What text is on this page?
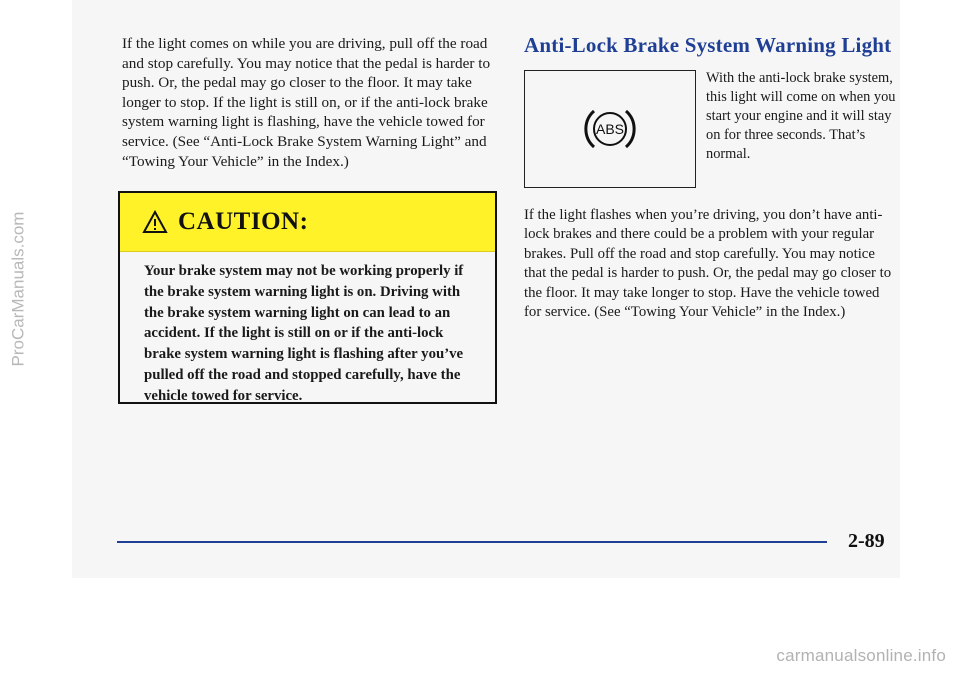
ProCarManuals.com

If the light comes on while you are driving, pull off the road and stop carefully. You may notice that the pedal is harder to push. Or, the pedal may go closer to the floor. It may take longer to stop. If the light is still on, or if the anti-lock brake system warning light is flashing, have the vehicle towed for service. (See “Anti-Lock Brake System Warning Light” and “Towing Your Vehicle” in the Index.)

CAUTION:

Your brake system may not be working properly if the brake system warning light is on. Driving with the brake system warning light on can lead to an accident. If the light is still on or if the anti-lock brake system warning light is flashing after you’ve pulled off the road and stopped carefully, have the vehicle towed for service.

Anti-Lock Brake System Warning Light
ABS

With the anti-lock brake system, this light will come on when you start your engine and it will stay on for three seconds. That’s normal.

If the light flashes when you’re driving, you don’t have anti-lock brakes and there could be a problem with your regular brakes. Pull off the road and stop carefully. You may notice that the pedal is harder to push. Or, the pedal may go closer to the floor. It may take longer to stop. Have the vehicle towed for service. (See “Towing Your Vehicle” in the Index.)

2-89
carmanualsonline.info
